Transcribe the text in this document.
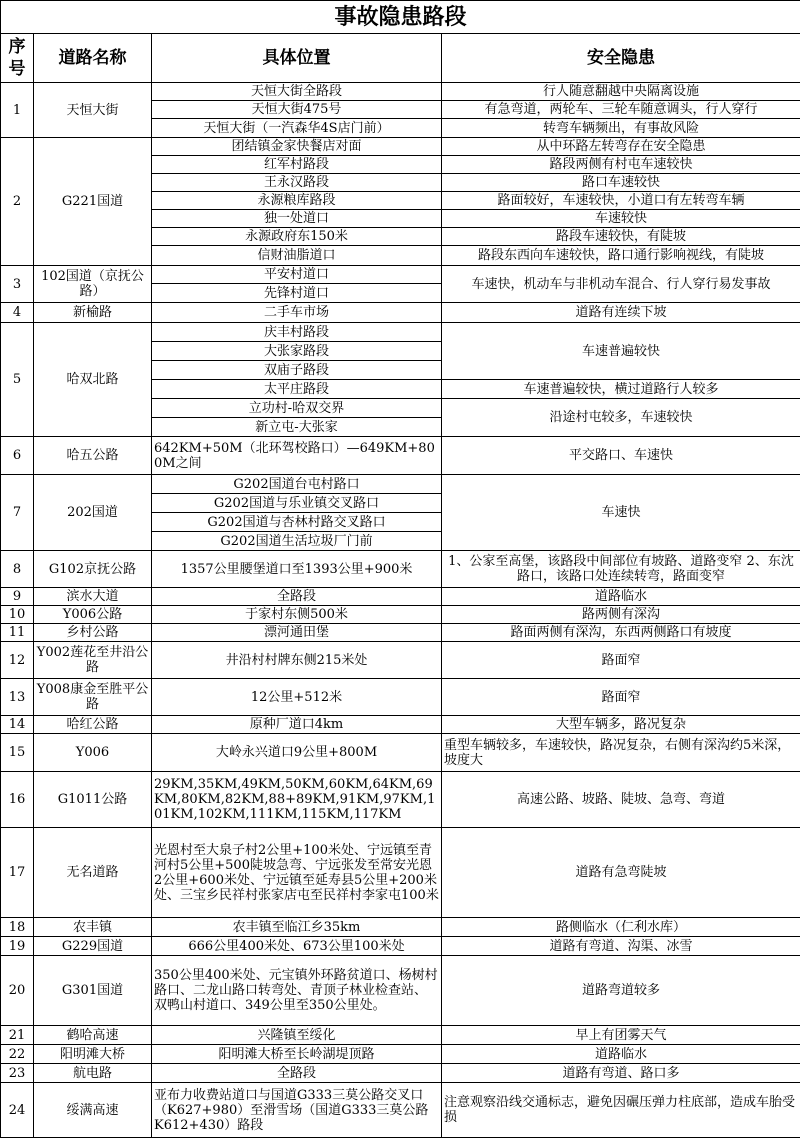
事故隐患路段			
序号	道路名称	具体位置	安全隐患
1	天恒大街	天恒大街全路段	行人随意翻越中央隔离设施
		天恒大街475号	有急弯道，两轮车、三轮车随意调头，行人穿行
		天恒大街（一汽森华4S店门前）	转弯车辆频出，有事故风险
2	G221国道	团结镇金家快餐店对面	从中环路左转弯存在安全隐患
		红军村路段	路段两侧有村屯车速较快
		王永汉路段	路口车速较快
		永源粮库路段	路面较好，车速较快，小道口有左转弯车辆
		独一处道口	车速较快
		永源政府东150米	路段车速较快，有陡坡
		信财油脂道口	路段东西向车速较快，路口通行影响视线，有陡坡
3	102国道（京抚公路）	平安村道口	车速快，机动车与非机动车混合、行人穿行易发事故
		先锋村道口	
4	新榆路	二手车市场	道路有连续下坡
5	哈双北路	庆丰村路段	车速普遍较快
		大张家路段	
		双庙子路段	
		太平庄路段	车速普遍较快，横过道路行人较多
		立功村-哈双交界	沿途村屯较多，车速较快
		新立屯-大张家	
6	哈五公路	642KM+50M（北环驾校路口）—649KM+800M之间	平交路口、车速快
7	202国道	G202国道台屯村路口	车速快
		G202国道与乐业镇交叉路口	
		G202国道与杏林村路交叉路口	
		G202国道生活垃圾厂门前	
8	G102京抚公路	1357公里腰堡道口至1393公里+900米	1、公家至高堡，该路段中间部位有坡路、道路变窄 2、东沈路口，该路口处连续转弯，路面变窄
9	滨水大道	全路段	道路临水
10	Y006公路	于家村东侧500米	路两侧有深沟
11	乡村公路	漂河通田堡	路面两侧有深沟，东西两侧路口有坡度
12	Y002莲花至井沿公路	井沿村村牌东侧215米处	路面窄
13	Y008康金至胜平公路	12公里+512米	路面窄
14	哈红公路	原种厂道口4km	大型车辆多，路况复杂
15	Y006	大岭永兴道口9公里+800M	重型车辆较多，车速较快，路况复杂，右侧有深沟约5米深，坡度大
16	G1011公路	29KM,35KM,49KM,50KM,60KM,64KM,69KM,80KM,82KM,88+89KM,91KM,97KM,101KM,102KM,111KM,115KM,117KM	高速公路、坡路、陡坡、急弯、弯道
17	无名道路	光恩村至大泉子村2公里+100米处、宁远镇至青河村5公里+500陡坡急弯、宁远张发至常安光恩2公里+600米处、宁远镇至延寿县5公里+200米处、三宝乡民祥村张家店屯至民祥村李家屯100米	道路有急弯陡坡
18	农丰镇	农丰镇至临江乡35km	路侧临水（仁利水库）
19	G229国道	666公里400米处、673公里100米处	道路有弯道、沟渠、冰雪
20	G301国道	350公里400米处、元宝镇外环路贫道口、杨树村路口、二龙山路口转弯处、青顶子林业检查站、双鸭山村道口、349公里至350公里处。	道路弯道较多
21	鹤哈高速	兴隆镇至绥化	早上有团雾天气
22	阳明滩大桥	阳明滩大桥至长岭湖堤顶路	道路临水
23	航电路	全路段	道路有弯道、路口多
24	绥满高速	亚布力收费站道口与国道G333三莫公路交叉口（K627+980）至滑雪场（国道G333三莫公路 K612+430）路段	注意观察沿线交通标志，避免因碾压弹力柱底部，造成车胎受损
